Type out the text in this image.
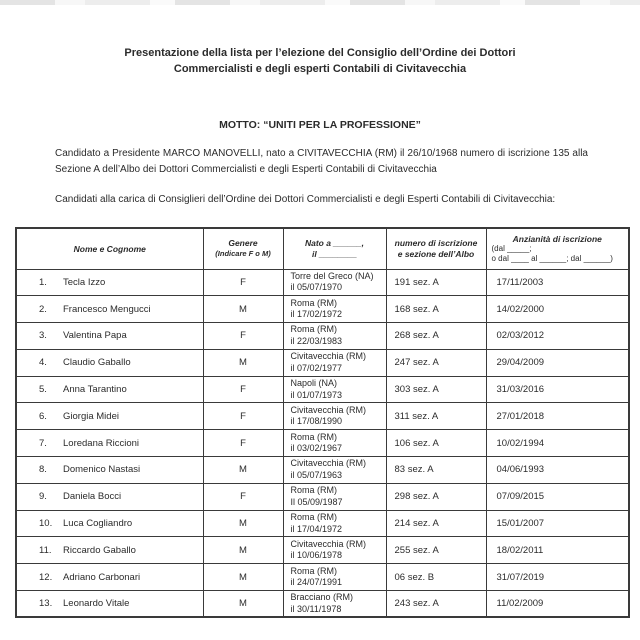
Presentazione della lista per l’elezione del Consiglio dell’Ordine dei Dottori Commercialisti e degli esperti Contabili di Civitavecchia
MOTTO: “UNITI PER LA PROFESSIONE”
Candidato a Presidente MARCO MANOVELLI, nato a CIVITAVECCHIA (RM) il 26/10/1968 numero di iscrizione 135 alla Sezione A dell’Albo dei Dottori Commercialisti e degli Esperti Contabili di Civitavecchia
Candidati alla carica di Consiglieri dell’Ordine dei Dottori Commercialisti e degli Esperti Contabili di Civitavecchia:
Nome e Cognome	
Genere
(Indicare F o M)

Nato a ______,
il ________
	numero di iscrizione e sezione dell’Albo	
Anzianità di iscrizione
(dal _____;
o dal ____ al ______; dal ______)

1. Tecla Izzo	F	Torre del Greco (NA)
il 05/07/1970	191 sez. A	17/11/2003
2. Francesco Mengucci	M	Roma (RM)
il 17/02/1972	168 sez. A	14/02/2000
3. Valentina Papa	F	Roma (RM)
il 22/03/1983	268 sez. A	02/03/2012
4. Claudio Gaballo	M	Civitavecchia (RM)
il 07/02/1977	247 sez. A	29/04/2009
5. Anna Tarantino	F	Napoli (NA)
il 01/07/1973	303 sez. A	31/03/2016
6. Giorgia Midei	F	Civitavecchia (RM)
il 17/08/1990	311 sez. A	27/01/2018
7. Loredana Riccioni	F	Roma (RM)
il 03/02/1967	106 sez. A	10/02/1994
8. Domenico Nastasi	M	Civitavecchia (RM)
il 05/07/1963	83 sez. A	04/06/1993
9. Daniela Bocci	F	Roma (RM)
Il 05/09/1987	298 sez. A	07/09/2015
10. Luca Cogliandro	M	Roma (RM)
il 17/04/1972	214 sez. A	15/01/2007
11. Riccardo Gaballo	M	Civitavecchia (RM)
il 10/06/1978	255 sez. A	18/02/2011
12. Adriano Carbonari	M	Roma (RM)
il 24/07/1991	06 sez. B	31/07/2019
13. Leonardo Vitale	M	Bracciano (RM)
il 30/11/1978	243 sez. A	11/02/2009
